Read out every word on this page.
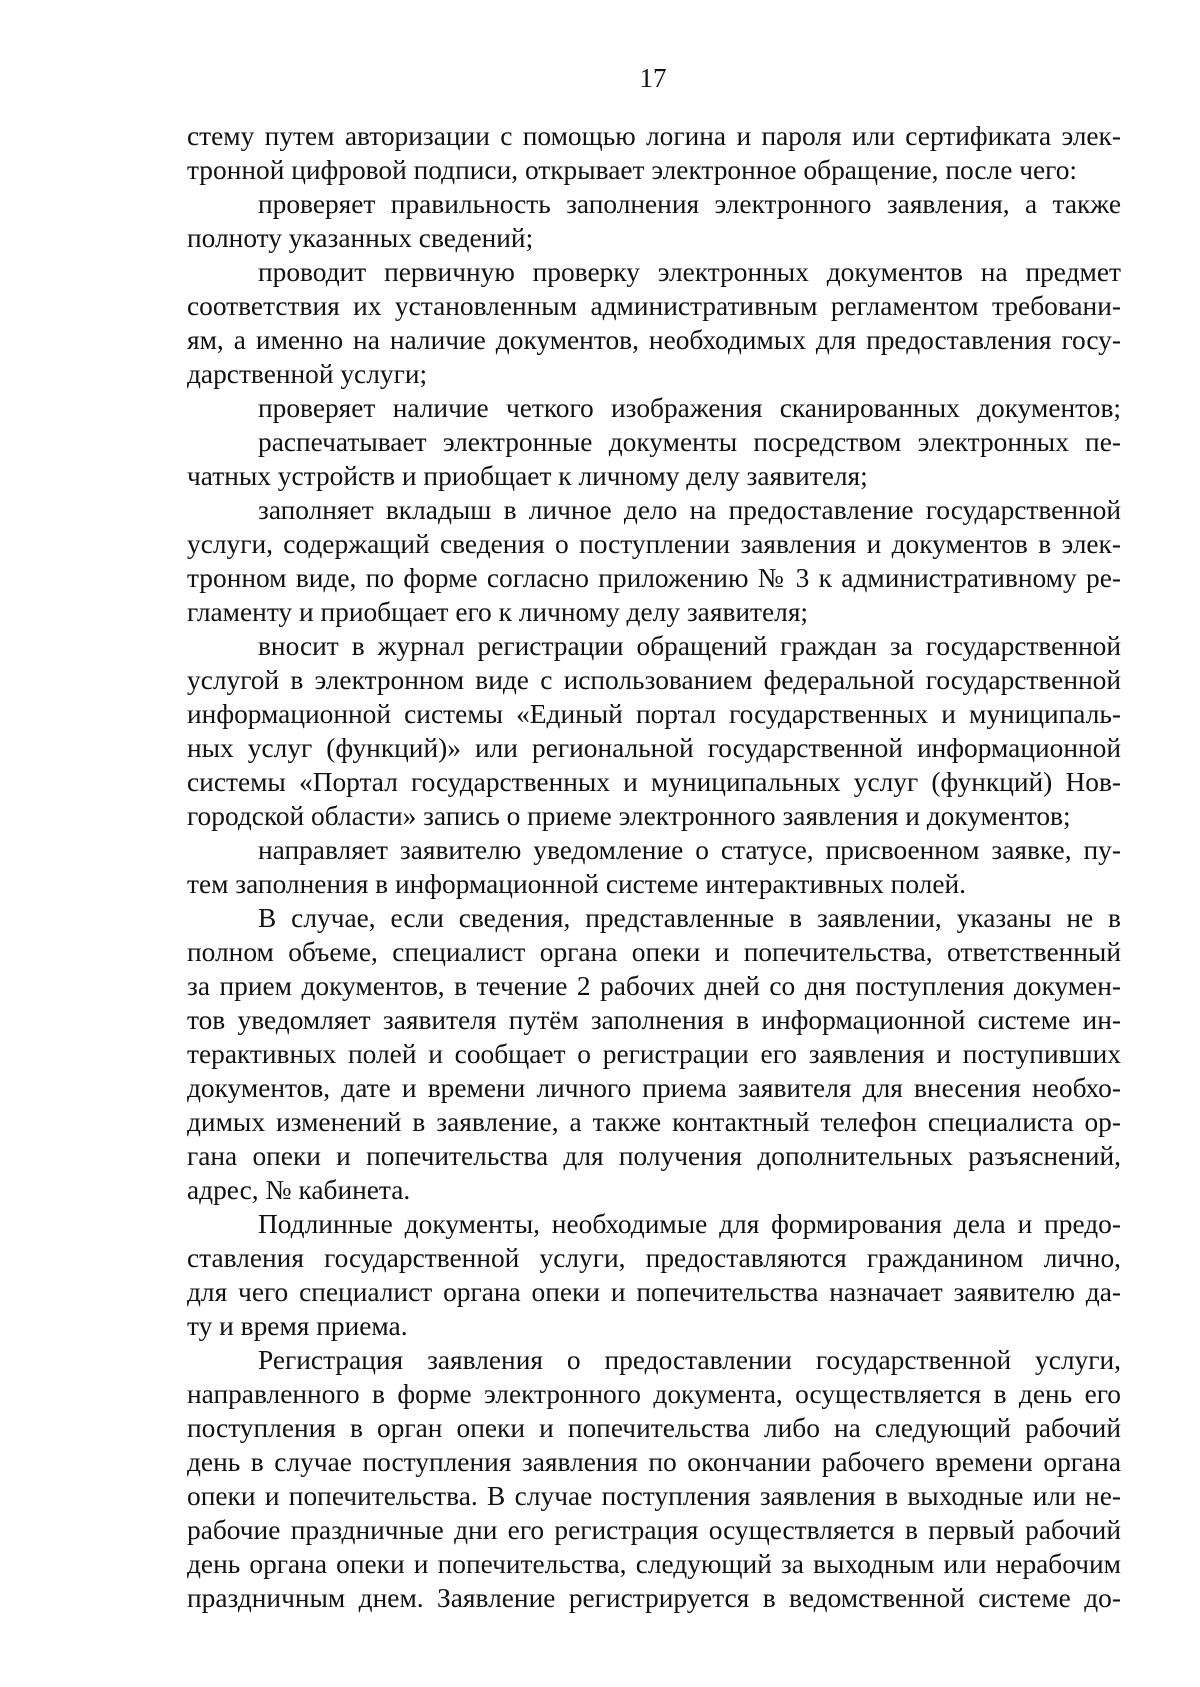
17
стему путем авторизации с помощью логина и пароля или сертификата элек-
тронной цифровой подписи, открывает электронное обращение, после чего:
проверяет правильность заполнения электронного заявления, а также
полноту указанных сведений;
проводит первичную проверку электронных документов на предмет
соответствия их установленным административным регламентом требовани-
ям, а именно на наличие документов, необходимых для предоставления госу-
дарственной услуги;
проверяет наличие четкого изображения сканированных документов;
распечатывает электронные документы посредством электронных пе-
чатных устройств и приобщает к личному делу заявителя;
заполняет вкладыш в личное дело на предоставление государственной
услуги, содержащий сведения о поступлении заявления и документов в элек-
тронном виде, по форме согласно приложению № 3 к административному ре-
гламенту и приобщает его к личному делу заявителя;
вносит в журнал регистрации обращений граждан за государственной
услугой в электронном виде с использованием федеральной государственной
информационной системы «Единый портал государственных и муниципаль-
ных услуг (функций)» или региональной государственной информационной
системы «Портал государственных и муниципальных услуг (функций) Нов-
городской области» запись о приеме электронного заявления и документов;
направляет заявителю уведомление о статусе, присвоенном заявке, пу-
тем заполнения в информационной системе интерактивных полей.
В случае, если сведения, представленные в заявлении, указаны не в
полном объеме, специалист органа опеки и попечительства, ответственный
за прием документов, в течение 2 рабочих дней со дня поступления докумен-
тов уведомляет заявителя путём заполнения в информационной системе ин-
терактивных полей и сообщает о регистрации его заявления и поступивших
документов, дате и времени личного приема заявителя для внесения необхо-
димых изменений в заявление, а также контактный телефон специалиста ор-
гана опеки и попечительства для получения дополнительных разъяснений,
адрес, № кабинета.
Подлинные документы, необходимые для формирования дела и предо-
ставления государственной услуги, предоставляются гражданином лично,
для чего специалист органа опеки и попечительства назначает заявителю да-
ту и время приема.
Регистрация заявления о предоставлении государственной услуги,
направленного в форме электронного документа, осуществляется в день его
поступления в орган опеки и попечительства либо на следующий рабочий
день в случае поступления заявления по окончании рабочего времени органа
опеки и попечительства. В случае поступления заявления в выходные или не-
рабочие праздничные дни его регистрация осуществляется в первый рабочий
день органа опеки и попечительства, следующий за выходным или нерабочим
праздничным днем. Заявление регистрируется в ведомственной системе до-
